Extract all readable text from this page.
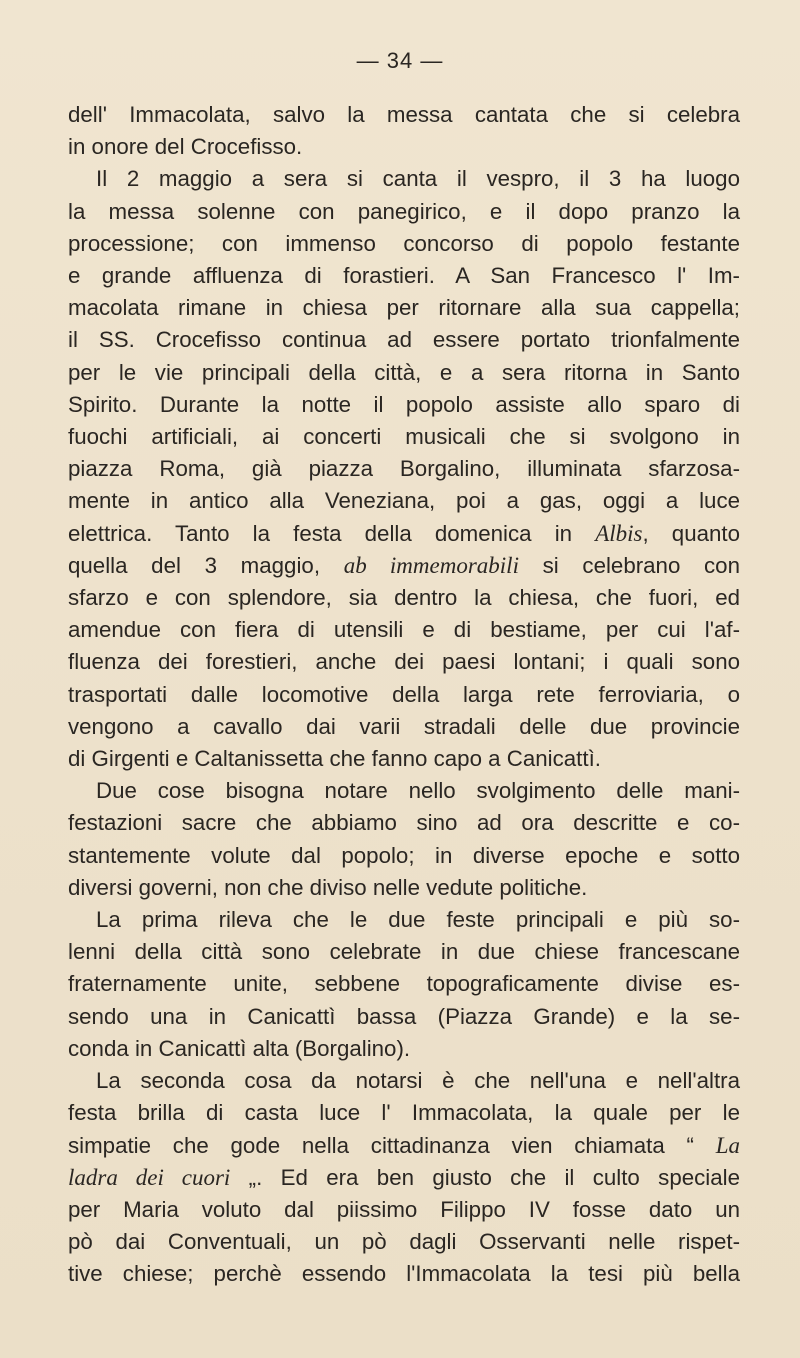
— 34 —
dell' Immacolata, salvo la messa cantata che si celebra
in onore del Crocefisso.
Il 2 maggio a sera si canta il vespro, il 3 ha luogo
la messa solenne con panegirico, e il dopo pranzo la
processione; con immenso concorso di popolo festante
e grande affluenza di forastieri. A San Francesco l' Im-
macolata rimane in chiesa per ritornare alla sua cappella;
il SS. Crocefisso continua ad essere portato trionfalmente
per le vie principali della città, e a sera ritorna in Santo
Spirito. Durante la notte il popolo assiste allo sparo di
fuochi artificiali, ai concerti musicali che si svolgono in
piazza Roma, già piazza Borgalino, illuminata sfarzosa-
mente in antico alla Veneziana, poi a gas, oggi a luce
elettrica. Tanto la festa della domenica in Albis, quanto
quella del 3 maggio, ab immemorabili si celebrano con
sfarzo e con splendore, sia dentro la chiesa, che fuori, ed
amendue con fiera di utensili e di bestiame, per cui l'af-
fluenza dei forestieri, anche dei paesi lontani; i quali sono
trasportati dalle locomotive della larga rete ferroviaria, o
vengono a cavallo dai varii stradali delle due provincie
di Girgenti e Caltanissetta che fanno capo a Canicattì.
Due cose bisogna notare nello svolgimento delle mani-
festazioni sacre che abbiamo sino ad ora descritte e co-
stantemente volute dal popolo; in diverse epoche e sotto
diversi governi, non che diviso nelle vedute politiche.
La prima rileva che le due feste principali e più so-
lenni della città sono celebrate in due chiese francescane
fraternamente unite, sebbene topograficamente divise es-
sendo una in Canicattì bassa (Piazza Grande) e la se-
conda in Canicattì alta (Borgalino).
La seconda cosa da notarsi è che nell'una e nell'altra
festa brilla di casta luce l' Immacolata, la quale per le
simpatie che gode nella cittadinanza vien chiamata “ La
ladra dei cuori „. Ed era ben giusto che il culto speciale
per Maria voluto dal piissimo Filippo IV fosse dato un
pò dai Conventuali, un pò dagli Osservanti nelle rispet-
tive chiese; perchè essendo l'Immacolata la tesi più bella
